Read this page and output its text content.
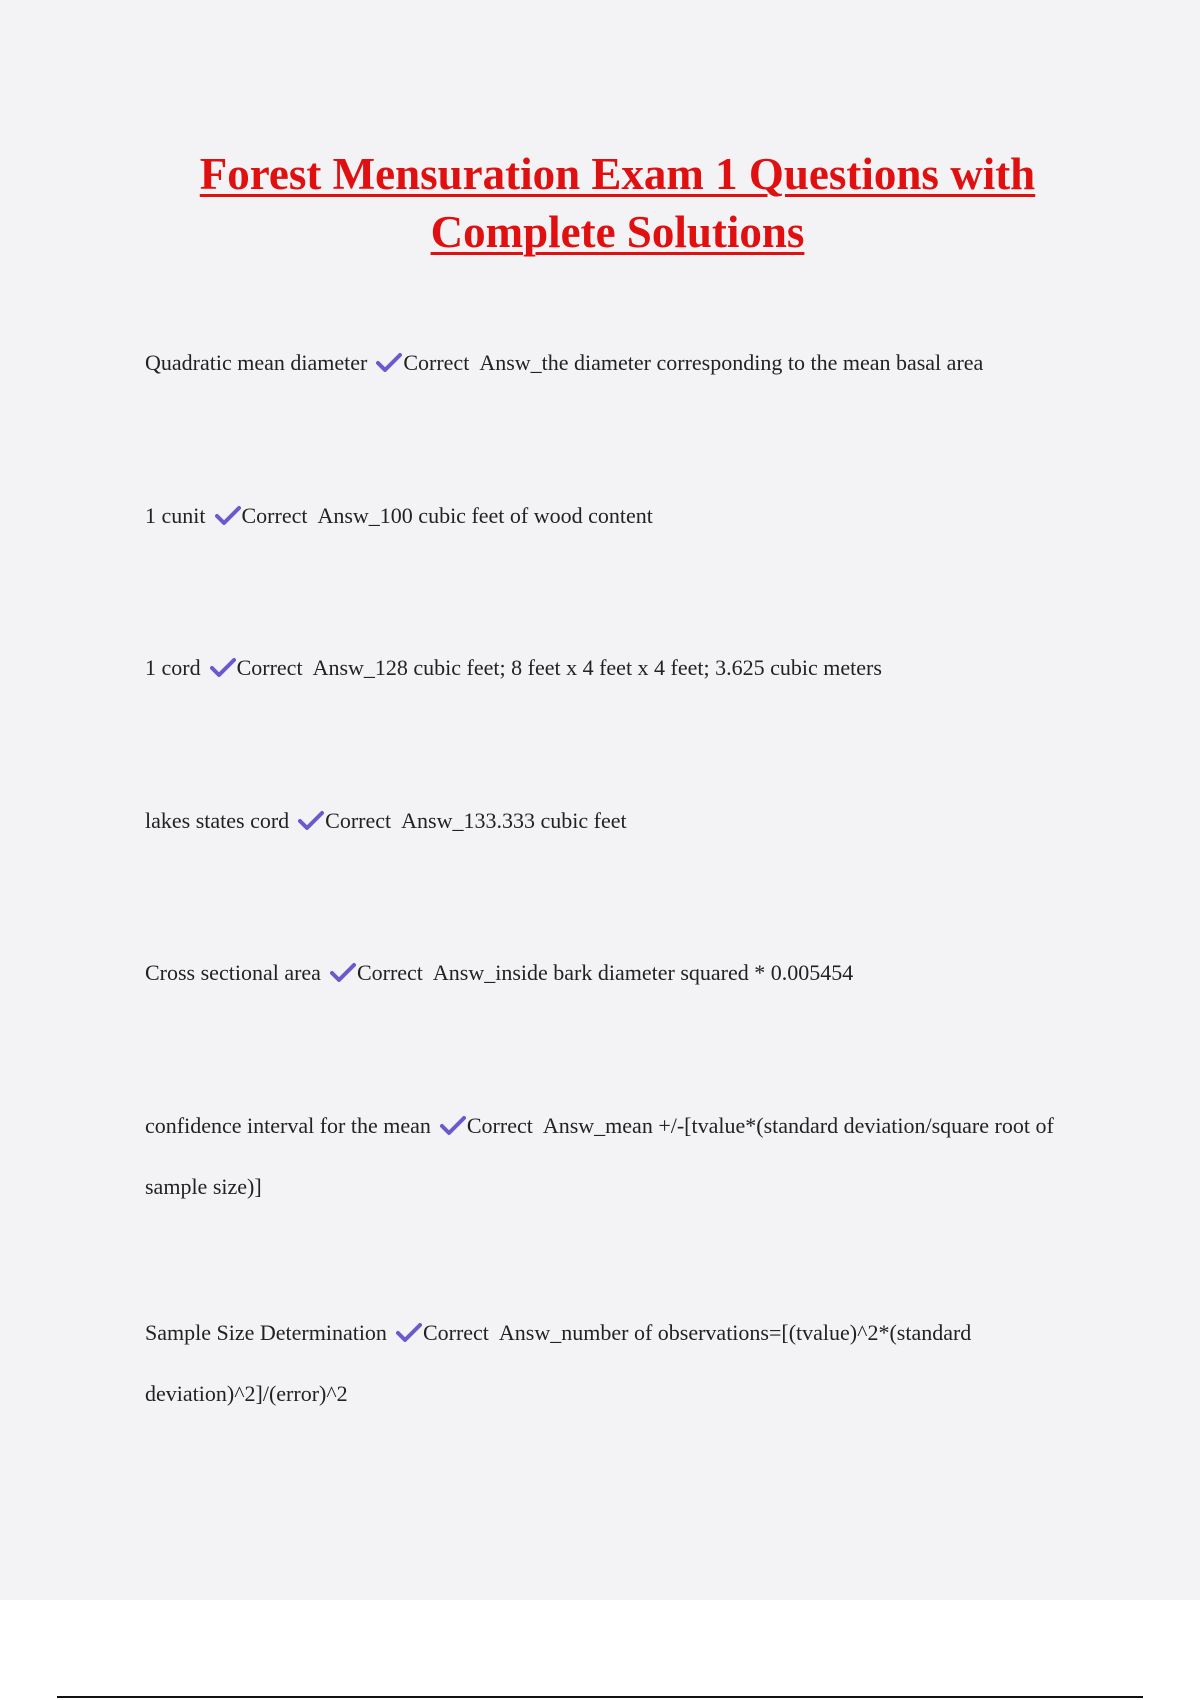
Forest Mensuration Exam 1 Questions with Complete Solutions

Quadratic mean diameter Correct Answ_the diameter corresponding to the mean basal area

1 cunit Correct Answ_100 cubic feet of wood content

1 cord Correct Answ_128 cubic feet; 8 feet x 4 feet x 4 feet; 3.625 cubic meters

lakes states cord Correct Answ_133.333 cubic feet

Cross sectional area Correct Answ_inside bark diameter squared * 0.005454

confidence interval for the mean Correct Answ_mean +/-[tvalue*(standard deviation/square root of sample size)]

Sample Size Determination Correct Answ_number of observations=[(tvalue)^2*(standard deviation)^2]/(error)^2
